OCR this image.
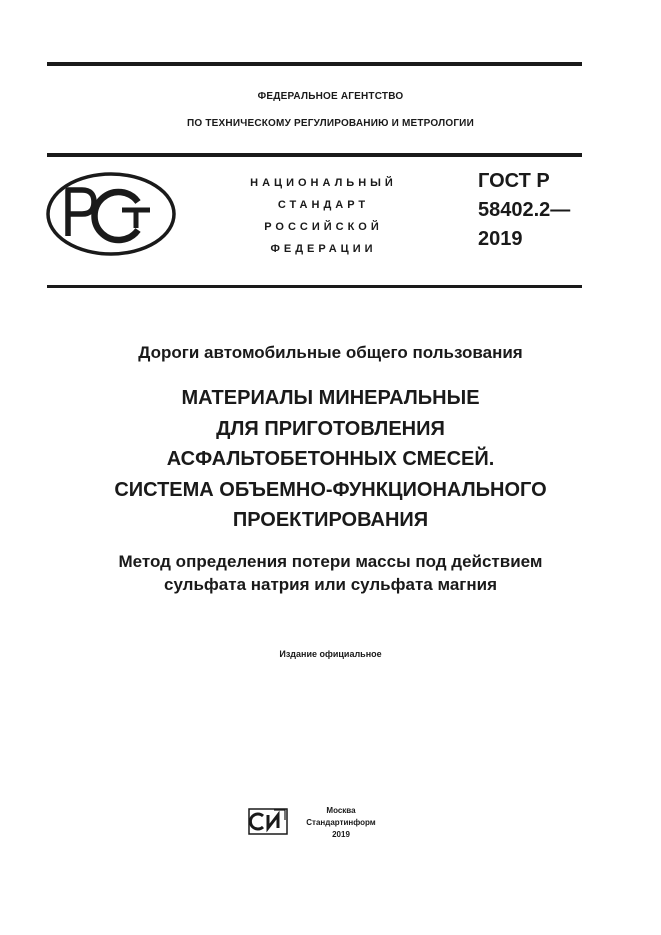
ФЕДЕРАЛЬНОЕ АГЕНТСТВО
ПО ТЕХНИЧЕСКОМУ РЕГУЛИРОВАНИЮ И МЕТРОЛОГИИ
НАЦИОНАЛЬНЫЙ
СТАНДАРТ
РОССИЙСКОЙ
ФЕДЕРАЦИИ
ГОСТ Р
58402.2—
2019
Дороги автомобильные общего пользования
МАТЕРИАЛЫ МИНЕРАЛЬНЫЕ
ДЛЯ ПРИГОТОВЛЕНИЯ
АСФАЛЬТОБЕТОННЫХ СМЕСЕЙ.
СИСТЕМА ОБЪЕМНО-ФУНКЦИОНАЛЬНОГО
ПРОЕКТИРОВАНИЯ
Метод определения потери массы под действием
сульфата натрия или сульфата магния
Издание официальное
Москва
Стандартинформ
2019
